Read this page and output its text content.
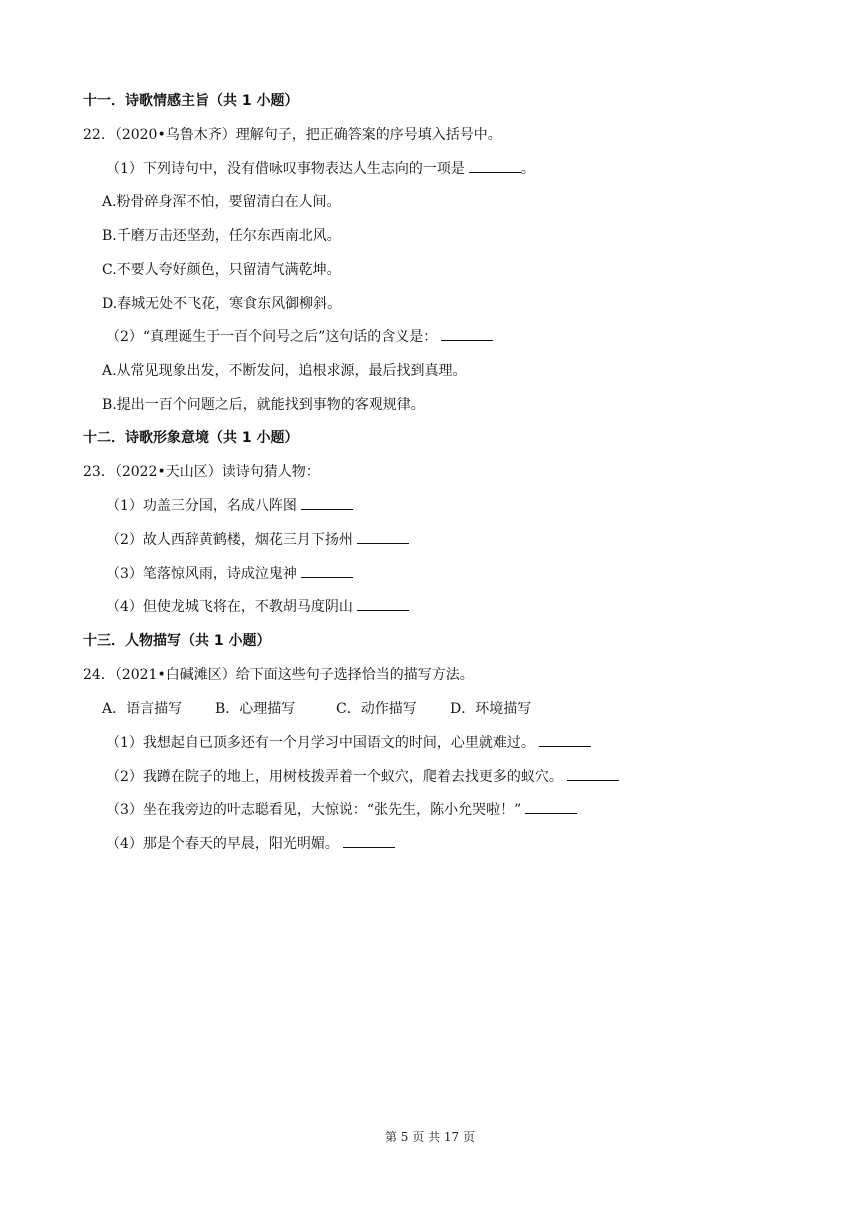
十一．诗歌情感主旨（共 1 小题）
22．（2020•乌鲁木齐）理解句子，把正确答案的序号填入括号中。
（1）下列诗句中，没有借咏叹事物表达人生志向的一项是	。
A.粉骨碎身浑不怕，要留清白在人间。
B.千磨万击还坚劲，任尔东西南北风。
C.不要人夸好颜色，只留清气满乾坤。
D.春城无处不飞花，寒食东风御柳斜。
（2）“真理诞生于一百个问号之后”这句话的含义是：
A.从常见现象出发，不断发问，追根求源，最后找到真理。
B.提出一百个问题之后，就能找到事物的客观规律。
十二．诗歌形象意境（共 1 小题）
23．（2022•天山区）读诗句猜人物：
（1）功盖三分国，名成八阵图
（2）故人西辞黄鹤楼，烟花三月下扬州
（3）笔落惊风雨，诗成泣鬼神
（4）但使龙城飞将在，不教胡马度阴山
十三．人物描写（共 1 小题）
24．（2021•白碱滩区）给下面这些句子选择恰当的描写方法。
A．语言描写 B．心理描写	C．动作描写 D．环境描写
（1）我想起自已顶多还有一个月学习中国语文的时间，心里就难过。
（2）我蹲在院子的地上，用树枝拨弄着一个蚁穴，爬着去找更多的蚁穴。
（3）坐在我旁边的叶志聪看见，大惊说：“张先生，陈小允哭啦！”
（4）那是个春天的早晨，阳光明媚。
第 5 页 共 17 页
